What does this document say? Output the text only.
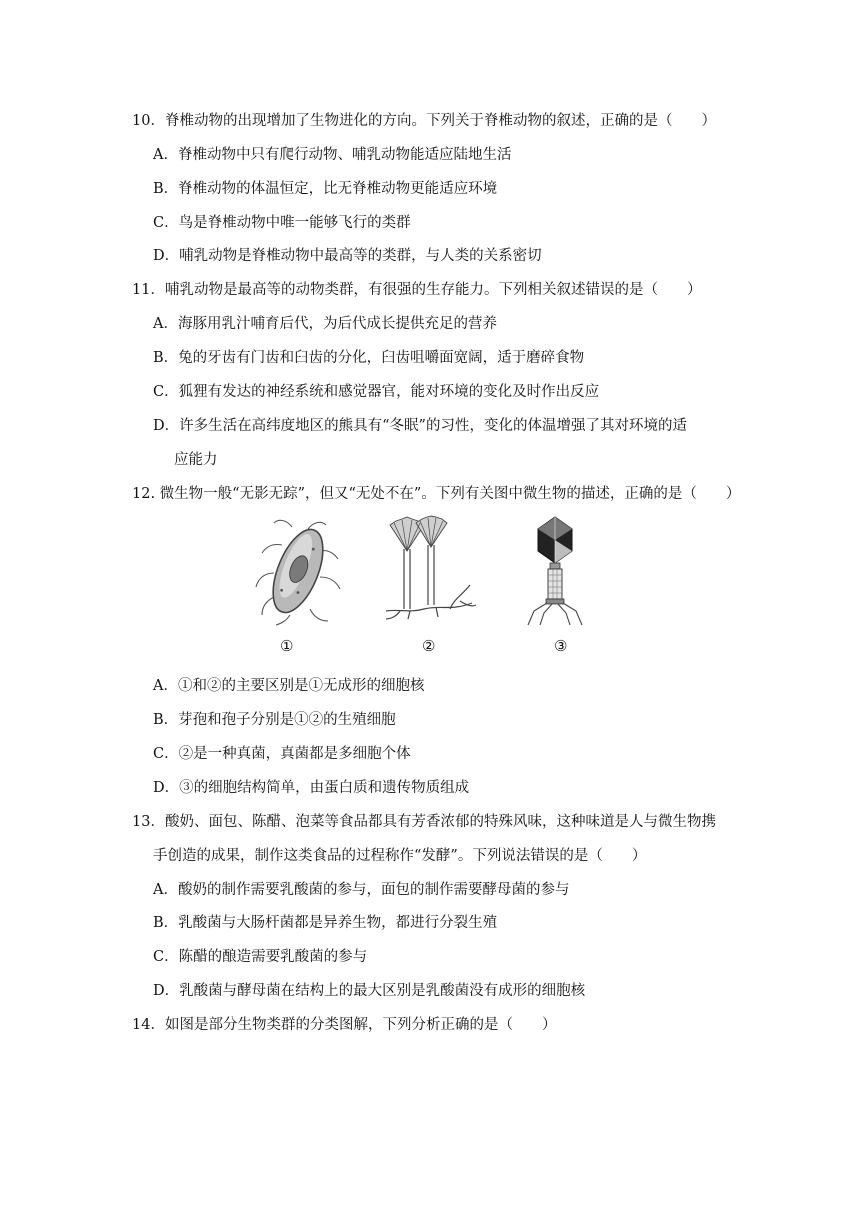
10．脊椎动物的出现增加了生物进化的方向。下列关于脊椎动物的叙述，正确的是（　　）
A．脊椎动物中只有爬行动物、哺乳动物能适应陆地生活
B．脊椎动物的体温恒定，比无脊椎动物更能适应环境
C．鸟是脊椎动物中唯一能够飞行的类群
D．哺乳动物是脊椎动物中最高等的类群，与人类的关系密切
11．哺乳动物是最高等的动物类群，有很强的生存能力。下列相关叙述错误的是（　　）
A．海豚用乳汁哺育后代，为后代成长提供充足的营养
B．兔的牙齿有门齿和臼齿的分化，臼齿咀嚼面宽阔，适于磨碎食物
C．狐狸有发达的神经系统和感觉器官，能对环境的变化及时作出反应
D．许多生活在高纬度地区的熊具有“冬眠”的习性，变化的体温增强了其对环境的适
应能力
12. 微生物一般“无影无踪”，但又“无处不在”。下列有关图中微生物的描述，正确的是（　　）
①	②	③
A．①和②的主要区别是①无成形的细胞核
B．芽孢和孢子分别是①②的生殖细胞
C．②是一种真菌，真菌都是多细胞个体
D．③的细胞结构简单，由蛋白质和遗传物质组成
13．酸奶、面包、陈醋、泡菜等食品都具有芳香浓郁的特殊风味，这种味道是人与微生物携
手创造的成果，制作这类食品的过程称作“发酵”。下列说法错误的是（　　）
A．酸奶的制作需要乳酸菌的参与，面包的制作需要酵母菌的参与
B．乳酸菌与大肠杆菌都是异养生物，都进行分裂生殖
C．陈醋的酿造需要乳酸菌的参与
D．乳酸菌与酵母菌在结构上的最大区别是乳酸菌没有成形的细胞核
14．如图是部分生物类群的分类图解，下列分析正确的是（　　）
